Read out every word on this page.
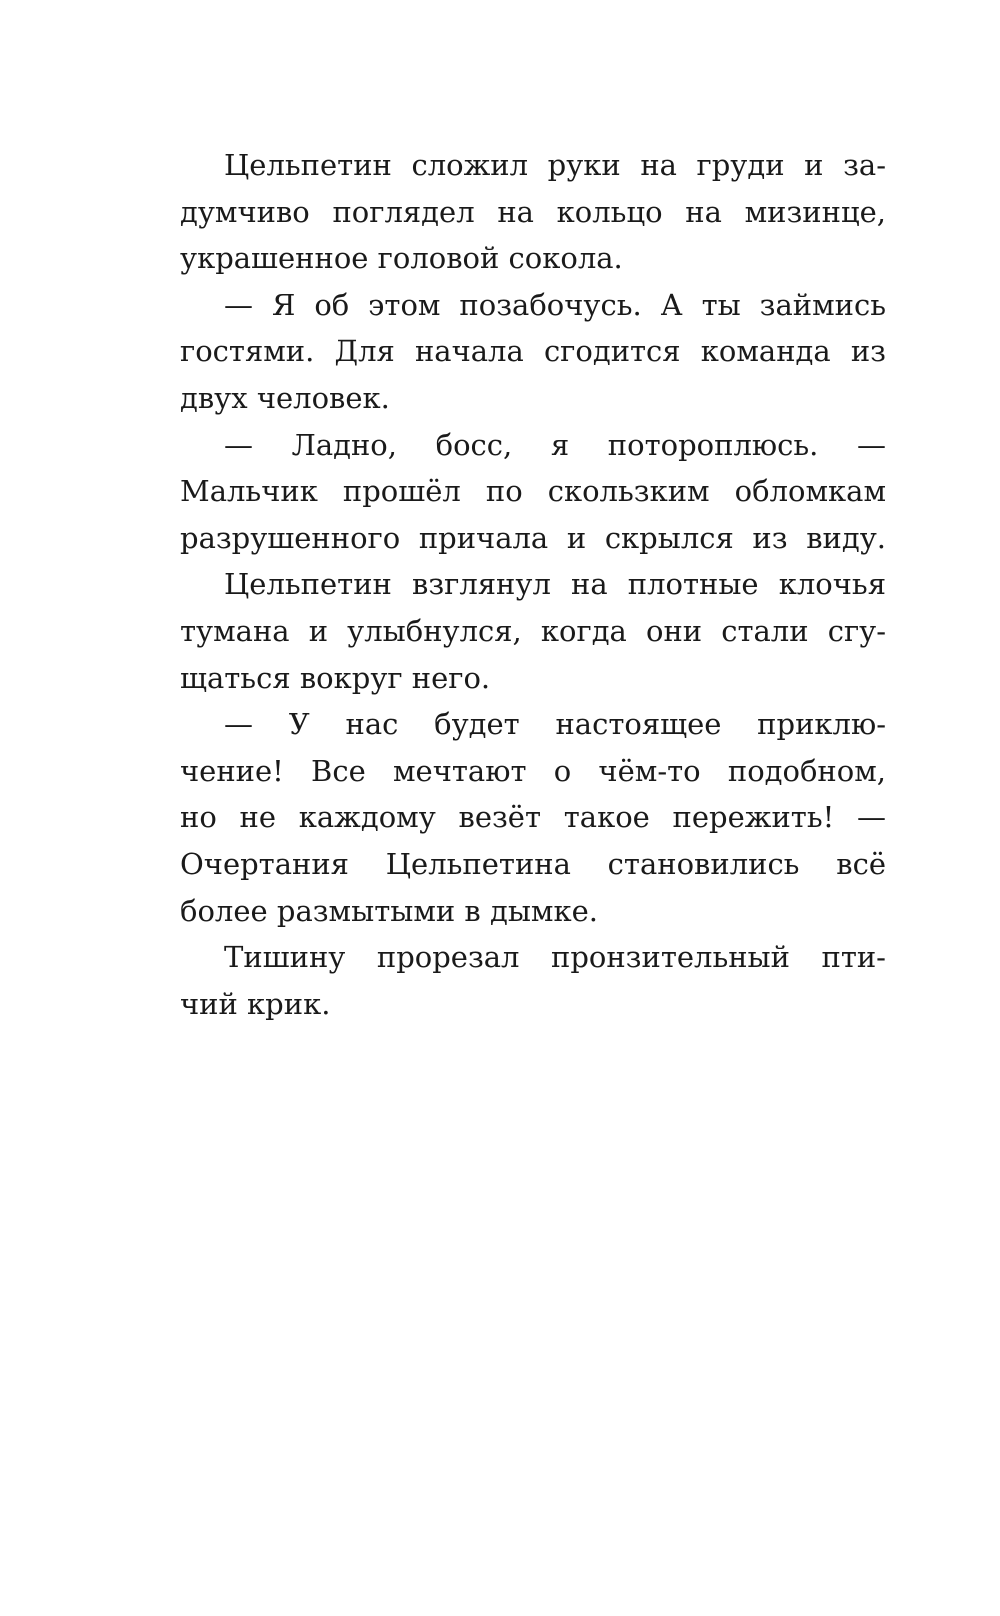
Цельпетин сложил руки на груди и за-
думчиво поглядел на кольцо на мизинце,
украшенное головой сокола.
— Я об этом позабочусь. А ты займись
гостями. Для начала сгодится команда из
двух человек.
— Ладно, босс, я потороплюсь. —
Мальчик прошёл по скользким обломкам
разрушенного причала и скрылся из виду.
Цельпетин взглянул на плотные клочья
тумана и улыбнулся, когда они стали сгу-
щаться вокруг него.
— У нас будет настоящее приклю-
чение! Все мечтают о чём-то подобном,
но не каждому везёт такое пережить! —
Очертания Цельпетина становились всё
более размытыми в дымке.
Тишину прорезал пронзительный пти-
чий крик.
